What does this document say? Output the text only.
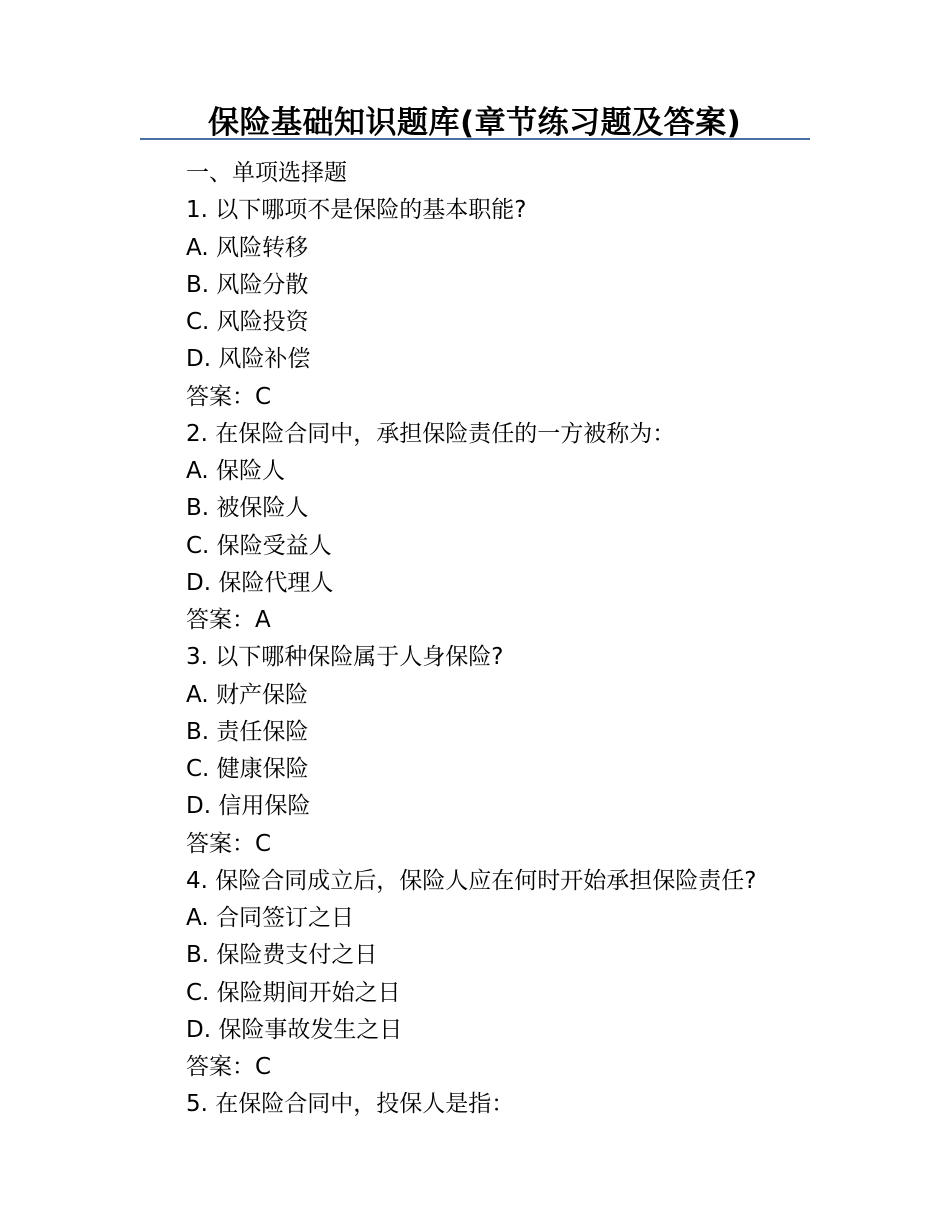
保险基础知识题库(章节练习题及答案)
一、单项选择题
1. 以下哪项不是保险的基本职能?
A. 风险转移
B. 风险分散
C. 风险投资
D. 风险补偿
答案：C
2. 在保险合同中，承担保险责任的一方被称为：
A. 保险人
B. 被保险人
C. 保险受益人
D. 保险代理人
答案：A
3. 以下哪种保险属于人身保险?
A. 财产保险
B. 责任保险
C. 健康保险
D. 信用保险
答案：C
4. 保险合同成立后，保险人应在何时开始承担保险责任?
A. 合同签订之日
B. 保险费支付之日
C. 保险期间开始之日
D. 保险事故发生之日
答案：C
5. 在保险合同中，投保人是指：
